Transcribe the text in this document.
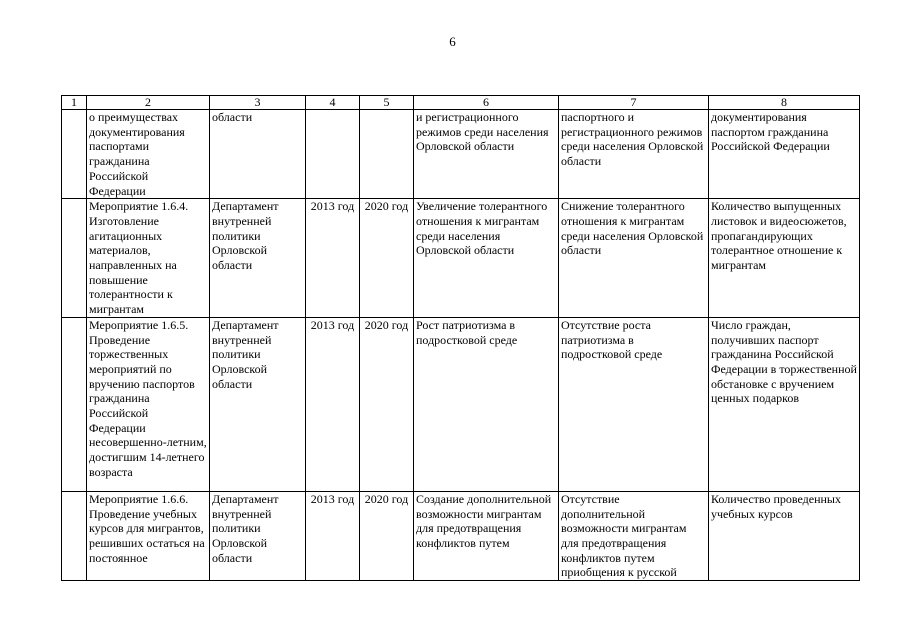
6
1	2	3	4	5	6	7	8
	о преимуществах документирования паспортами гражданина Российской Федерации	области			и регистрационного режимов среди населения Орловской области	паспортного и регистрационного режимов среди населения Орловской области	документирования паспортом гражданина Российской Федерации
	Мероприятие 1.6.4. Изготовление агитационных материалов, направленных на повышение толерантности к мигрантам	Департамент внутренней политики Орловской области	2013 год	2020 год	Увеличение толерантного отношения к мигрантам среди населения Орловской области	Снижение толерантного отношения к мигрантам среди населения Орловской области	Количество выпущенных листовок и видеосюжетов, пропагандирующих толерантное отношение к мигрантам
	Мероприятие 1.6.5. Проведение торжественных мероприятий по вручению паспортов гражданина Российской Федерации несовершенно-летним, достигшим 14-летнего возраста	Департамент внутренней политики Орловской области	2013 год	2020 год	Рост патриотизма в подростковой среде	Отсутствие роста патриотизма в подростковой среде	Число граждан, получивших паспорт гражданина Российской Федерации в торжественной обстановке с вручением ценных подарков
	Мероприятие 1.6.6. Проведение учебных курсов для мигрантов, решивших остаться на постоянное	Департамент внутренней политики Орловской области	2013 год	2020 год	Создание дополнительной возможности мигрантам для предотвращения конфликтов путем	Отсутствие дополнительной возможности мигрантам для предотвращения конфликтов путем приобщения к русской	Количество проведенных учебных курсов
